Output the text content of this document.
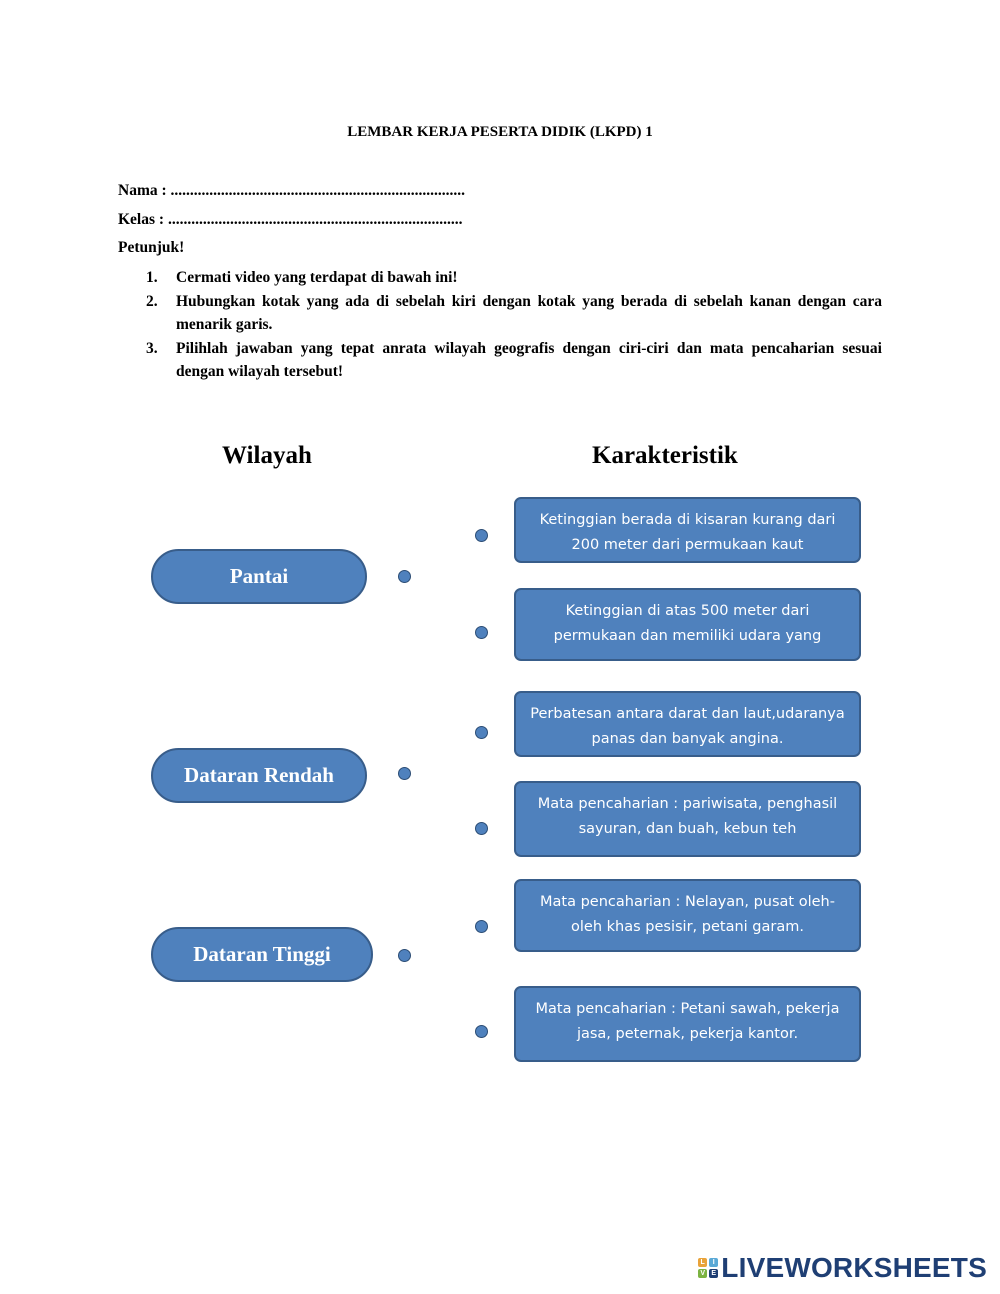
LEMBAR KERJA PESERTA DIDIK (LKPD) 1
Nama : ............................................................................
Kelas : ............................................................................
Petunjuk!
1. Cermati video yang terdapat di bawah ini!
2. Hubungkan kotak yang ada di sebelah kiri dengan kotak yang berada di sebelah kanan dengan cara menarik garis.
3. Pilihlah jawaban yang tepat anrata wilayah geografis dengan ciri-ciri dan mata pencaharian sesuai dengan wilayah tersebut!
Wilayah	Karakteristik
Pantai
Dataran Rendah
Dataran Tinggi
Ketinggian berada di kisaran kurang dari 200 meter dari permukaan kaut
Ketinggian di atas 500 meter dari permukaan dan memiliki udara yang
Perbatesan antara darat dan laut,udaranya panas dan banyak angina.
Mata pencaharian : pariwisata, penghasil sayuran, dan buah, kebun teh
Mata pencaharian : Nelayan, pusat oleh-oleh khas pesisir, petani garam.
Mata pencaharian : Petani sawah, pekerja jasa, peternak, pekerja kantor.
L	I
V E LIVEWORKSHEETS
